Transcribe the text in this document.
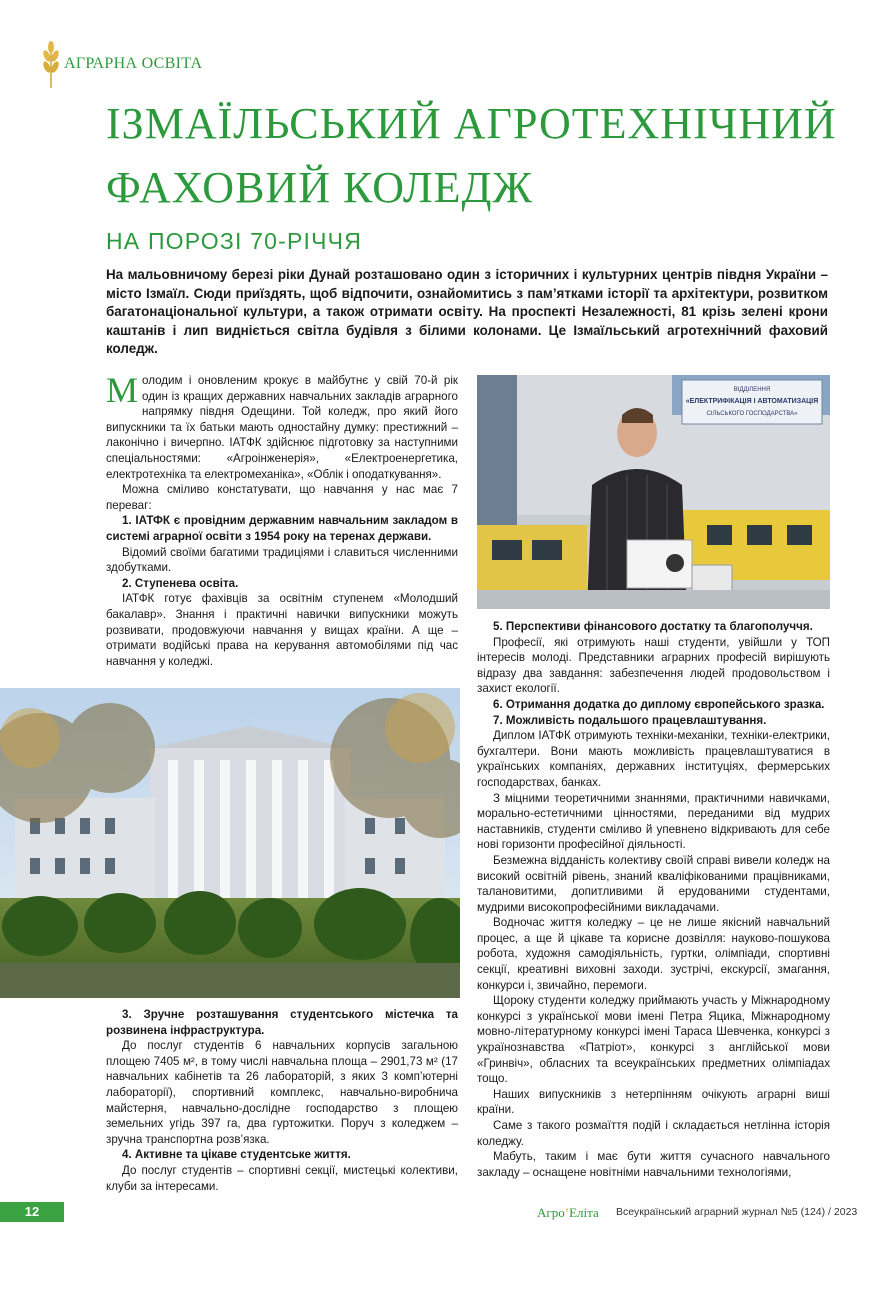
АГРАРНА ОСВІТА
ІЗМАЇЛЬСЬКИЙ АГРОТЕХНІЧНИЙ
ФАХОВИЙ КОЛЕДЖ
НА ПОРОЗІ 70-РІЧЧЯ

На мальовничому березі ріки Дунай розташовано один з історичних і культурних центрів півдня України – місто Ізмаїл. Сюди приїздять, щоб відпочити, ознайомитись з пам’ятками історії та архітектури, розвитком багатонаціональної культури, а також отримати освіту. На проспекті Незалежності, 81 крізь зелені крони каштанів і лип видніється світла будівля з білими колонами. Це Ізмаїльський агротехнічний фаховий коледж.

Молодим і оновленим крокує в майбутнє у свій 70-й рік один із кращих державних навчальних закладів аграрного напрямку півдня Одещини. Той коледж, про який його випускники та їх батьки мають одностайну думку: престижний – лаконічно і вичерпно. ІАТФК здійснює підготовку за наступними спеціальностями: «Агроінженерія», «Електроенергетика, електротехніка та електромеханіка», «Облік і оподаткування».

Можна сміливо констатувати, що навчання у нас має 7 переваг:

1. ІАТФК є провідним державним навчальним закладом в системі аграрної освіти з 1954 року на теренах держави.

Відомий своїми багатими традиціями і славиться численними здобутками.

2. Ступенева освіта.

ІАТФК готує фахівців за освітнім ступенем «Молодший бакалавр». Знання і практичні навички випускники можуть розвивати, продовжуючи навчання у вищах країни. А ще – отримати водійські права на керування автомобілями під час навчання у коледжі.

3. Зручне розташування студентського містечка та розвинена інфраструктура.

До послуг студентів 6 навчальних корпусів загальною площею 7405 м², в тому числі навчальна площа – 2901,73 м² (17 навчальних кабінетів та 26 лабораторій, з яких 3 комп’ютерні лабораторії), спортивний комплекс, навчально-виробнича майстерня, навчально-дослідне господарство з площею земельних угідь 397 га, два гуртожитки. Поруч з коледжем – зручна транспортна розв’язка.

4. Активне та цікаве студентське життя.

До послуг студентів – спортивні секції, мистецькі колективи, клуби за інтересами.

ВІДДІЛЕННЯ
«ЕЛЕКТРИФІКАЦІЯ І АВТОМАТИЗАЦІЯ
СІЛЬСЬКОГО ГОСПОДАРСТВА»

5. Перспективи фінансового достатку та благополуччя.

Професії, які отримують наші студенти, увійшли у ТОП інтересів молоді. Представники аграрних професій вирішують відразу два завдання: забезпечення людей продовольством і захист екології.

6. Отримання додатка до диплому європейського зразка.

7. Можливість подальшого працевлаштування.

Диплом ІАТФК отримують техніки-механіки, техніки-електрики, бухгалтери. Вони мають можливість працевлаштуватися в українських компаніях, державних інституціях, фермерських господарствах, банках.

З міцними теоретичними знаннями, практичними навичками, морально-естетичними цінностями, переданими від мудрих наставників, студенти сміливо й упевнено відкривають для себе нові горизонти професійної діяльності.

Безмежна відданість колективу своїй справі вивели коледж на високий освітній рівень, знаний кваліфікованими працівниками, талановитими, допитливими й ерудованими студентами, мудрими високопрофесійними викладачами.

Водночас життя коледжу – це не лише якісний навчальний процес, а ще й цікаве та корисне дозвілля: науково-пошукова робота, художня самодіяльність, гуртки, олімпіади, спортивні секції, креативні виховні заходи. зустрічі, екскурсії, змагання, конкурси і, звичайно, перемоги.

Щороку студенти коледжу приймають участь у Міжнародному конкурсі з української мови імені Петра Яцика, Міжнародному мовно-літературному конкурсі імені Тараса Шевченка, конкурсі з українознавства «Патріот», конкурсі з англійської мови «Гринвіч», обласних та всеукраїнських предметних олімпіадах тощо.

Наших випускників з нетерпінням очікують аграрні виші країни.

Саме з такого розмаїття подій і складається нетлінна історія коледжу.

Мабуть, таким і має бути життя сучасного навчального закладу – оснащене новітніми навчальними технологіями,

12	АгроʼЕліта Всеукраїнський аграрний журнал №5 (124) / 2023
